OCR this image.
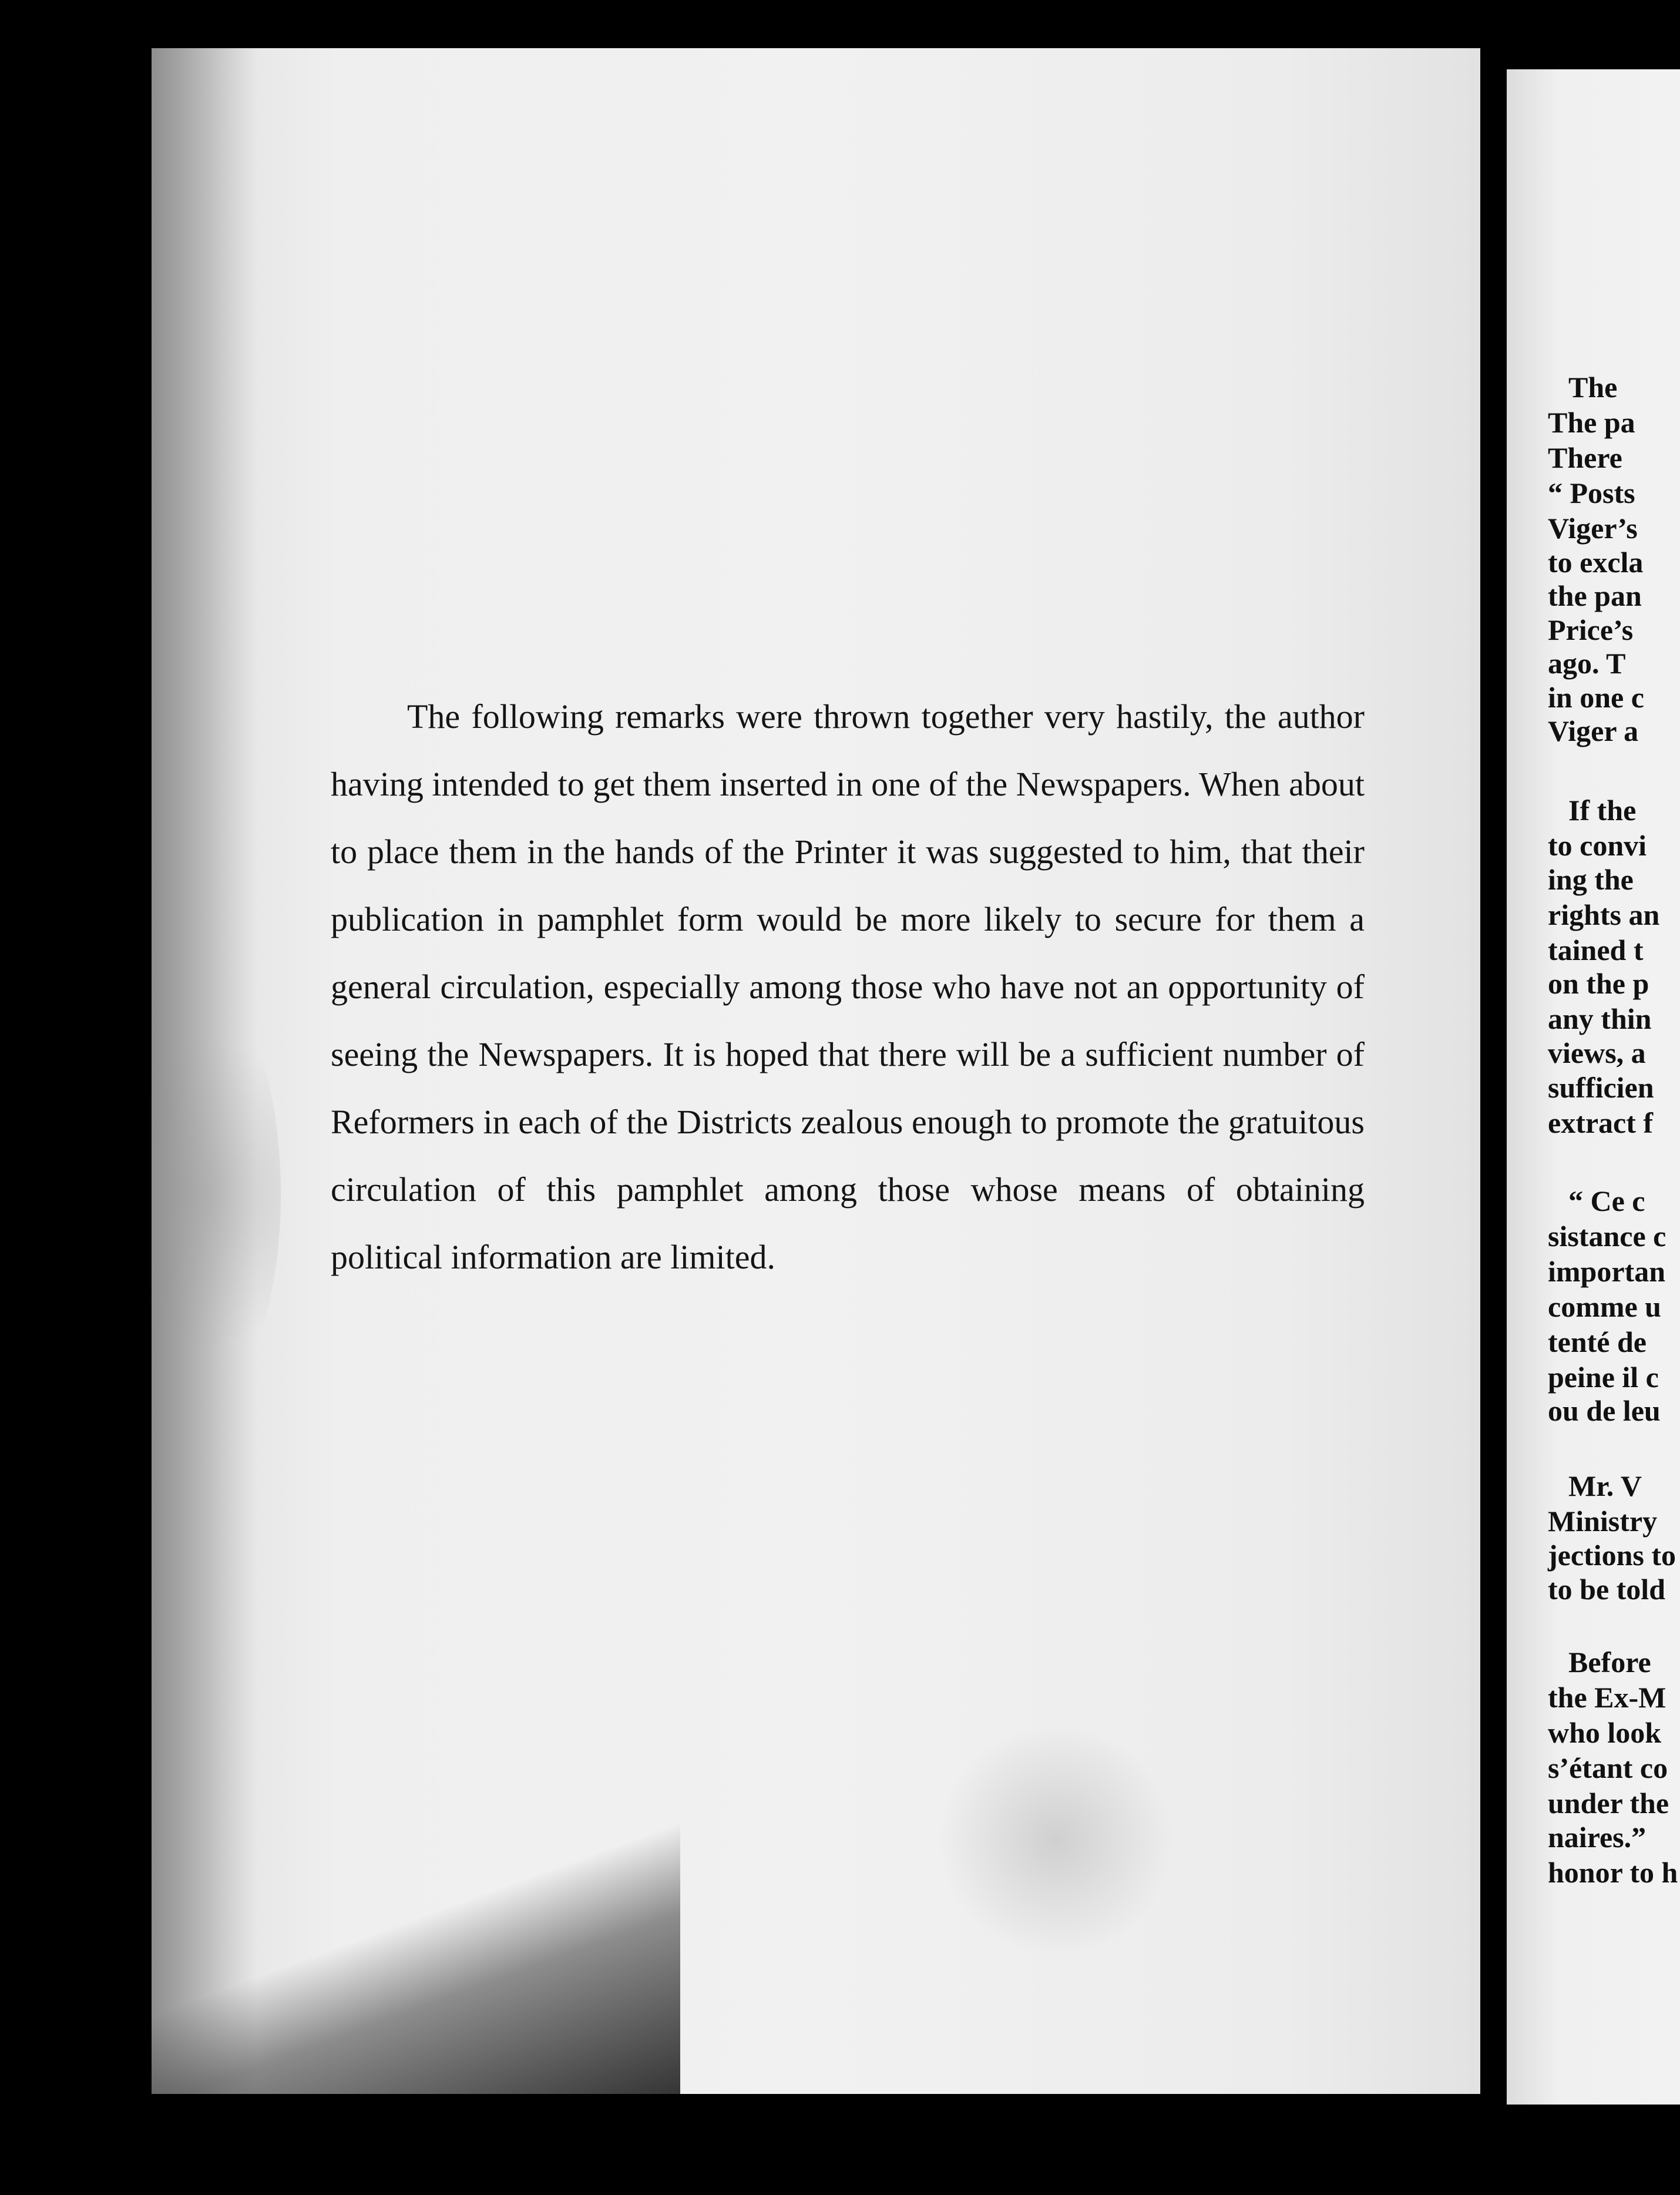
The following remarks were thrown together very hastily, the author having intended to get them inserted in one of the Newspapers. When about to place them in the hands of the Printer it was suggested to him, that their publication in pamphlet form would be more likely to secure for them a general circulation, especially among those who have not an opportunity of seeing the Newspapers. It is hoped that there will be a sufficient number of Reformers in each of the Districts zealous enough to promote the gratuitous circulation of this pamphlet among those whose means of obtaining political information are limited.

The
The pa
There
“ Posts
Viger’s
to excla
the pan
Price’s
ago. T
in one c
Viger a
If the
to convi
ing the
rights an
tained t
on the p
any thin
views, a
sufficien
extract f
“ Ce c
sistance c
importan
comme u
tenté de
peine il c
ou de leu
Mr. V
Ministry
jections to
to be told
Before
the Ex-M
who look
s’étant co
under the
naires.”
honor to h
